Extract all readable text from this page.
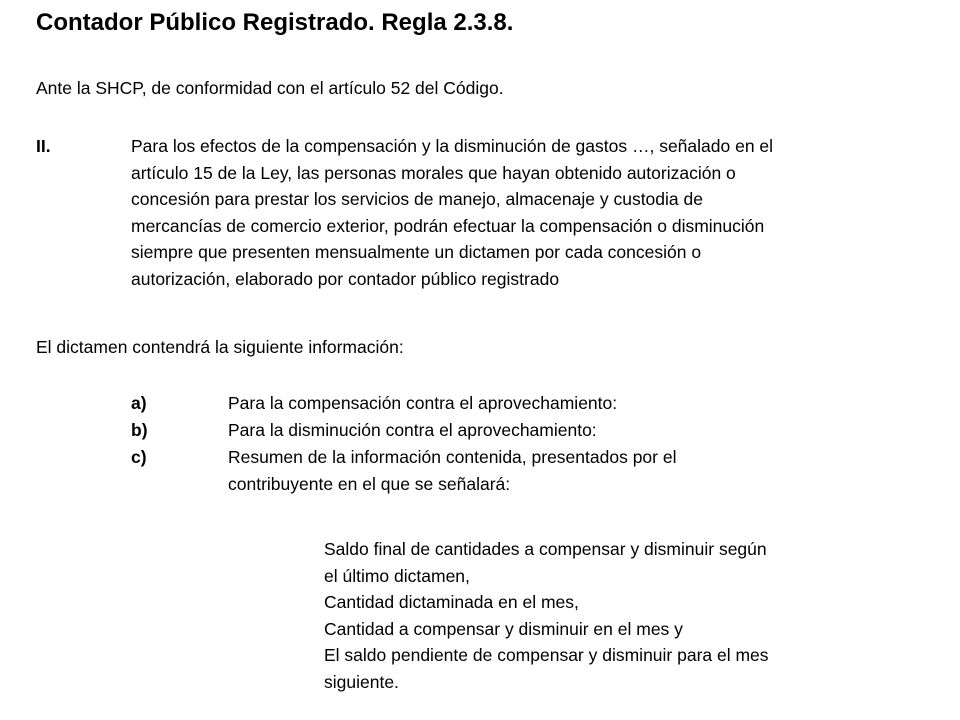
Contador Público Registrado. Regla 2.3.8.
Ante la SHCP, de conformidad con el artículo 52 del Código.
II.	Para los efectos de la compensación y la disminución de gastos …, señalado en el
artículo 15 de la Ley, las personas morales que hayan obtenido autorización o
concesión para prestar los servicios de manejo, almacenaje y custodia de
mercancías de comercio exterior, podrán efectuar la compensación o disminución
siempre que presenten mensualmente un dictamen por cada concesión o
autorización, elaborado por contador público registrado
El dictamen contendrá la siguiente información:
a)	Para la compensación contra el aprovechamiento:
b)	Para la disminución contra el aprovechamiento:
c)	Resumen de la información contenida, presentados por el
contribuyente en el que se señalará:
Saldo final de cantidades a compensar y disminuir según
el último dictamen,
Cantidad dictaminada en el mes,
Cantidad a compensar y disminuir en el mes y
El saldo pendiente de compensar y disminuir para el mes
siguiente.
